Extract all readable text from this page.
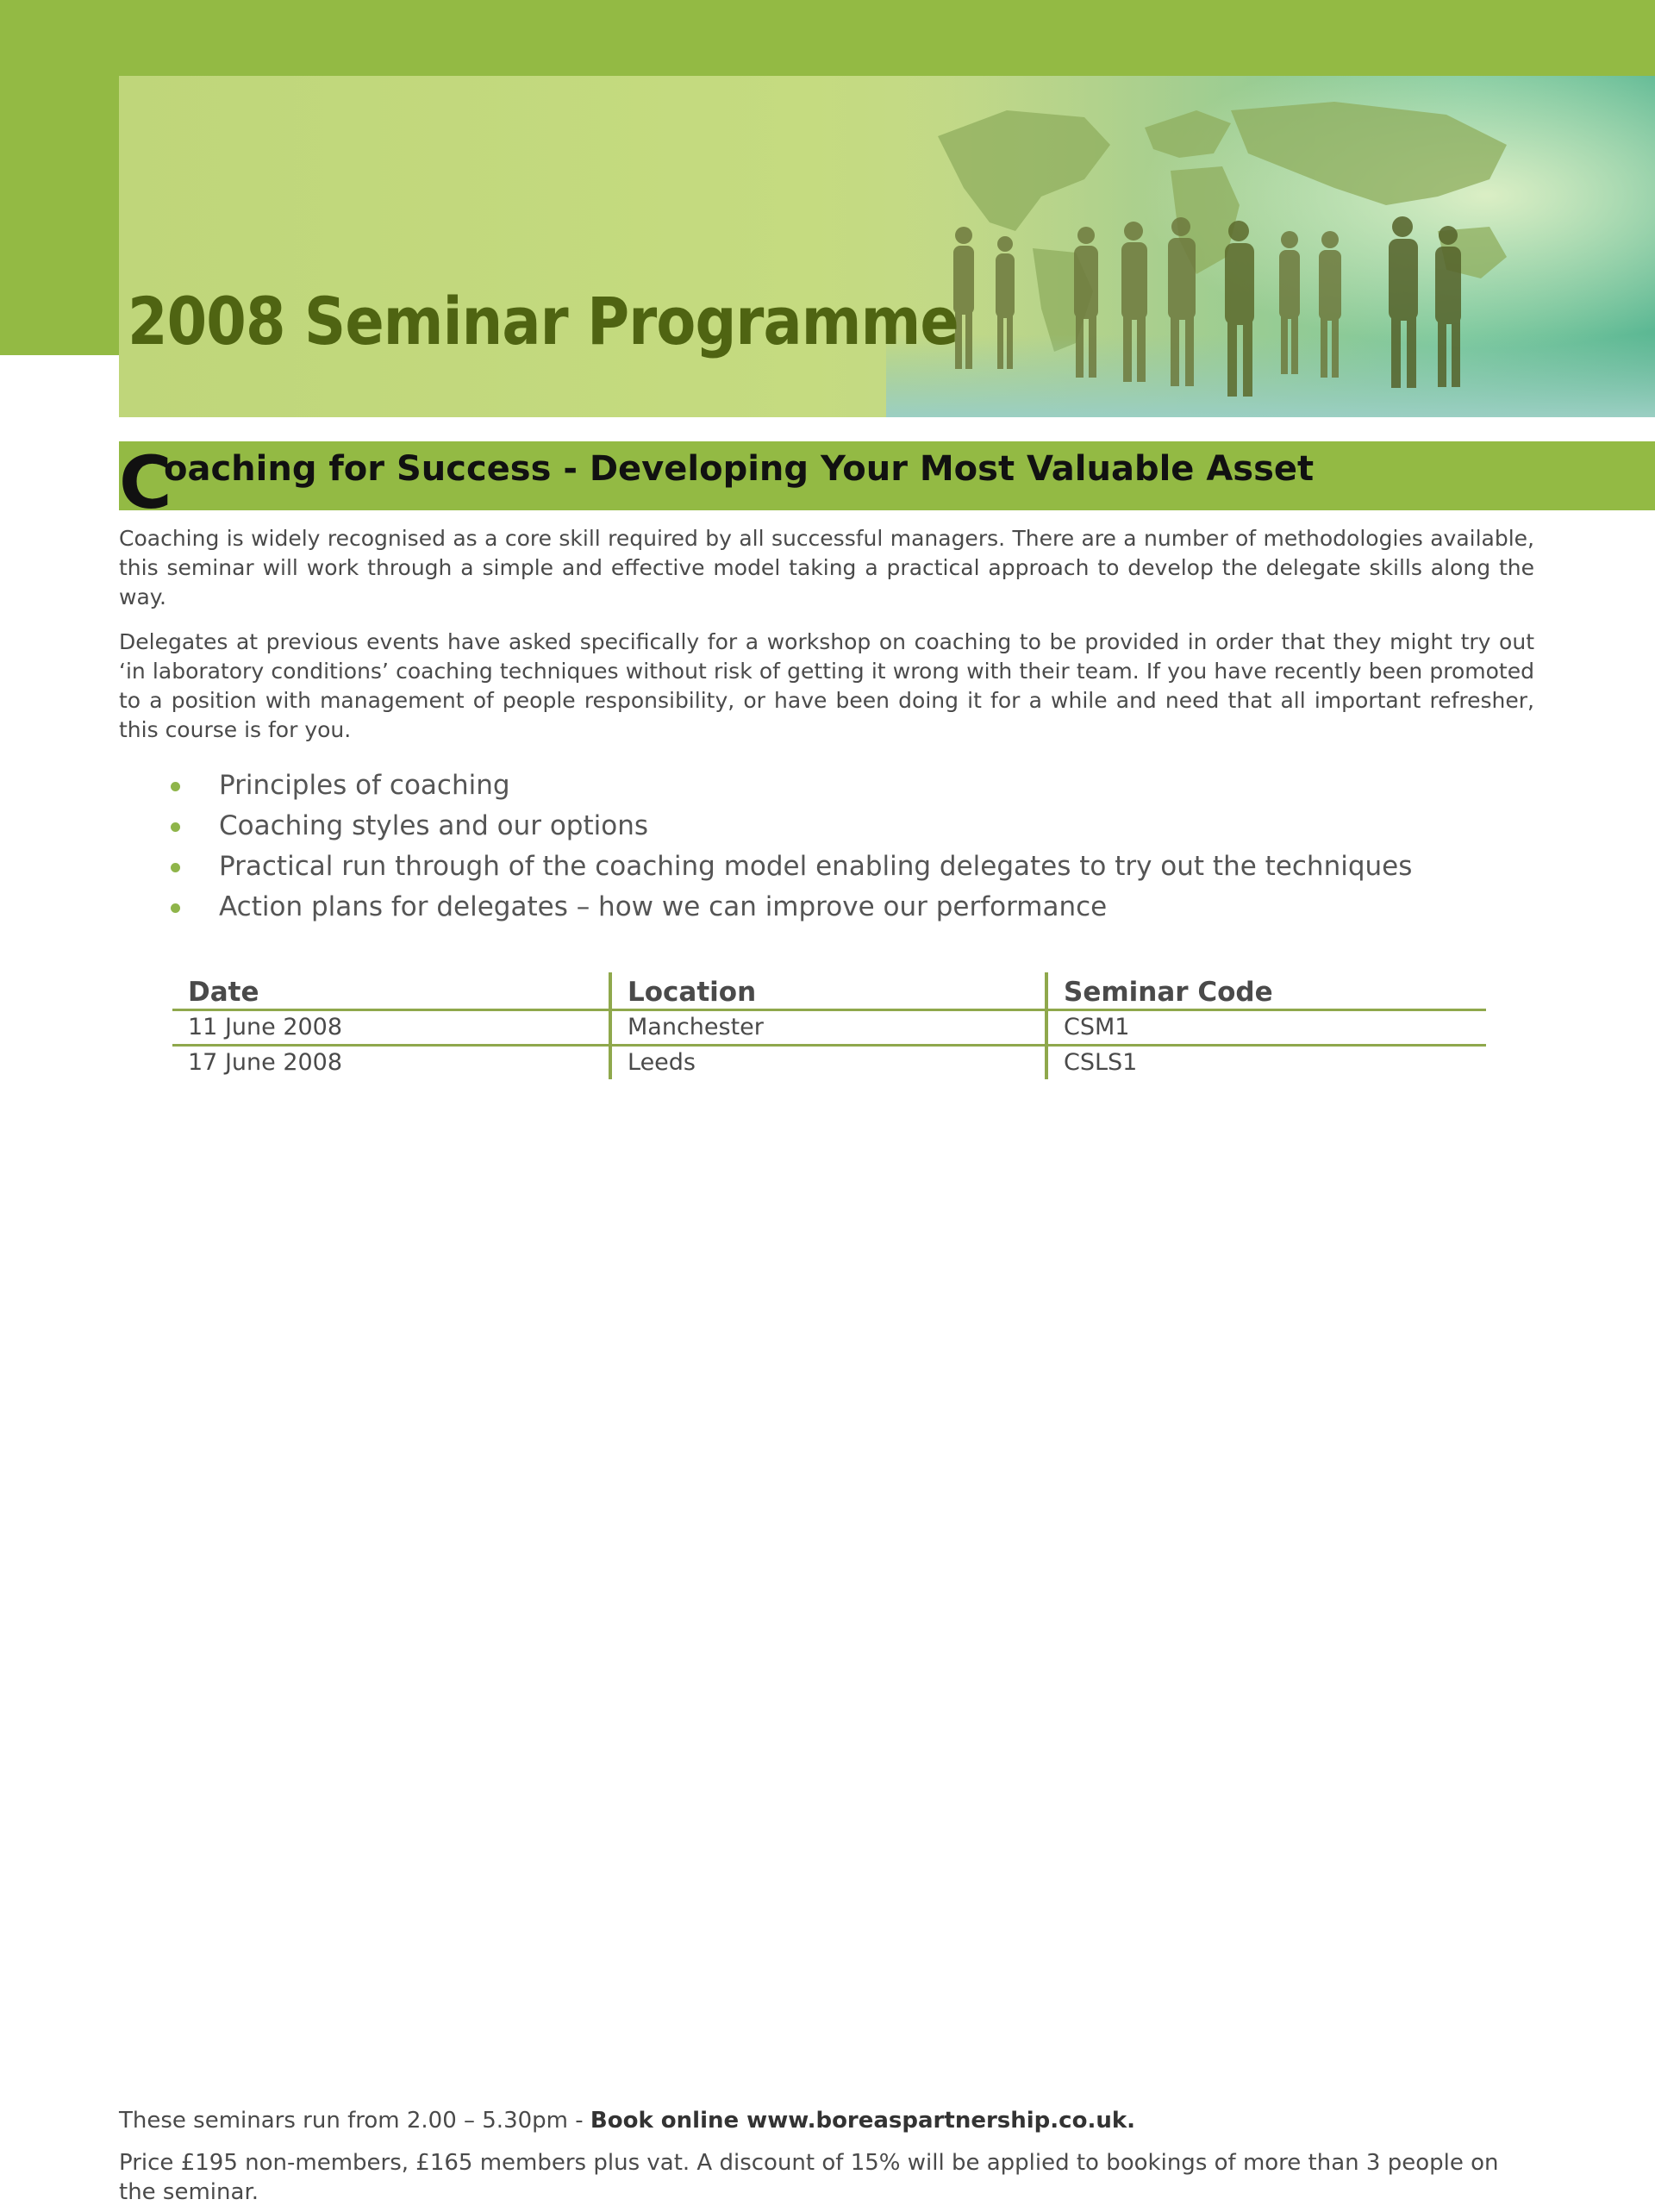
2008 Seminar Programme
C
oaching for Success - Developing Your Most Valuable Asset

Coaching is widely recognised as a core skill required by all successful managers. There are a number of methodologies available, this seminar will work through a simple and effective model taking a practical approach to develop the delegate skills along the way.

Delegates at previous events have asked specifically for a workshop on coaching to be provided in order that they might try out ‘in laboratory conditions’ coaching techniques without risk of getting it wrong with their team. If you have recently been promoted to a position with management of people responsibility, or have been doing it for a while and need that all important refresher, this course is for you.

Principles of coaching
Coaching styles and our options
Practical run through of the coaching model enabling delegates to try out the techniques
Action plans for delegates – how we can improve our performance
Date	Location	Seminar Code
11 June 2008	Manchester	CSM1
17 June 2008	Leeds	CSLS1

These seminars run from 2.00 – 5.30pm - Book online www.boreaspartnership.co.uk.

Price £195 non-members, £165 members plus vat. A discount of 15% will be applied to bookings of more than 3 people on the seminar.
